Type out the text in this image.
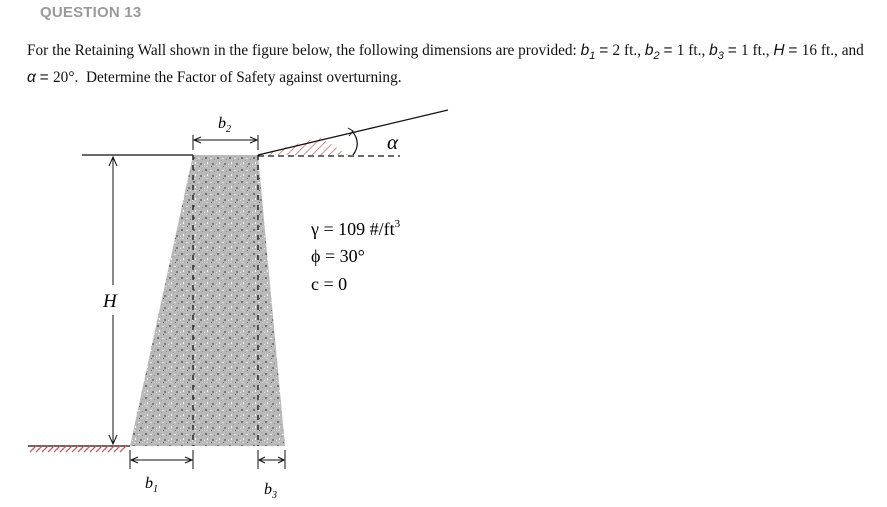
QUESTION 13
For the Retaining Wall shown in the figure below, the following dimensions are provided: $b_1 = 2$ ft., $b_2 = 1$ ft., $b_3 = 1$ ft., H = 16 ft., and α = 20°.  Determine the Factor of Safety against overturning.
H
α
$b_2$
$b_1$	$b_3$
γ = 109 $\#/ft^3$
ϕ = 30°
c = 0
